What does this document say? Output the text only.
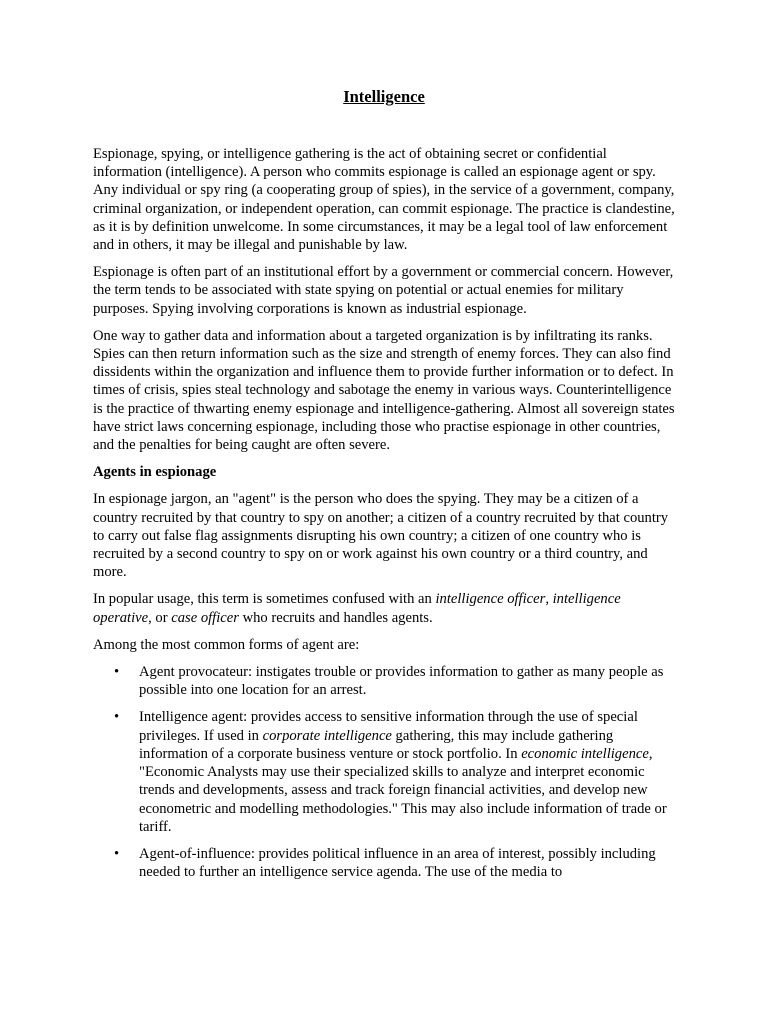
Intelligence

Espionage, spying, or intelligence gathering is the act of obtaining secret or confidential information (intelligence). A person who commits espionage is called an espionage agent or spy. Any individual or spy ring (a cooperating group of spies), in the service of a government, company, criminal organization, or independent operation, can commit espionage. The practice is clandestine, as it is by definition unwelcome. In some circumstances, it may be a legal tool of law enforcement and in others, it may be illegal and punishable by law.

Espionage is often part of an institutional effort by a government or commercial concern. However, the term tends to be associated with state spying on potential or actual enemies for military purposes. Spying involving corporations is known as industrial espionage.

One way to gather data and information about a targeted organization is by infiltrating its ranks. Spies can then return information such as the size and strength of enemy forces. They can also find dissidents within the organization and influence them to provide further information or to defect. In times of crisis, spies steal technology and sabotage the enemy in various ways. Counterintelligence is the practice of thwarting enemy espionage and intelligence-gathering. Almost all sovereign states have strict laws concerning espionage, including those who practise espionage in other countries, and the penalties for being caught are often severe.

Agents in espionage

In espionage jargon, an "agent" is the person who does the spying. They may be a citizen of a country recruited by that country to spy on another; a citizen of a country recruited by that country to carry out false flag assignments disrupting his own country; a citizen of one country who is recruited by a second country to spy on or work against his own country or a third country, and more.

In popular usage, this term is sometimes confused with an intelligence officer, intelligence operative, or case officer who recruits and handles agents.

Among the most common forms of agent are:

• Agent provocateur: instigates trouble or provides information to gather as many people as possible into one location for an arrest.
• Intelligence agent: provides access to sensitive information through the use of special privileges. If used in corporate intelligence gathering, this may include gathering information of a corporate business venture or stock portfolio. In economic intelligence, "Economic Analysts may use their specialized skills to analyze and interpret economic trends and developments, assess and track foreign financial activities, and develop new econometric and modelling methodologies." This may also include information of trade or tariff.
• Agent-of-influence: provides political influence in an area of interest, possibly including needed to further an intelligence service agenda. The use of the media to
